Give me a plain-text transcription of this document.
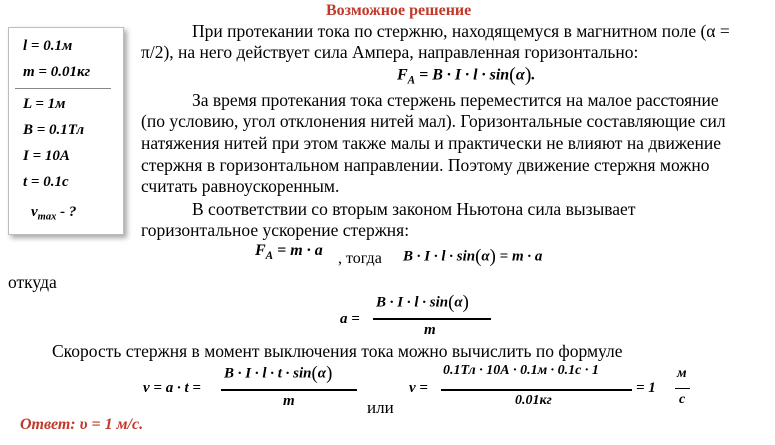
Возможное решение
l = 0.1м
m = 0.01кг
L = 1м
B = 0.1Тл
I = 10А
t = 0.1с
$v_{max}$ - ?
При протекании тока по стержню, находящемуся в магнитном поле (α =
π/2), на него действует сила Ампера, направленная горизонтально:
$F_A = B \cdot I \cdot l \cdot \sin(\alpha)$.
За время протекания тока стержень переместится на малое расстояние
(по условию, угол отклонения нитей мал). Горизонтальные составляющие сил
натяжения нитей при этом также малы и практически не влияют на движение
стержня в горизонтальном направлении. Поэтому движение стержня можно
считать равноускоренным.
В соответствии со вторым законом Ньютона сила вызывает
горизонтальное ускорение стержня:
$F_A = m \cdot a$ , тогда B · I · l · sin(α) = m · a
откуда
a =
B · I · l · sin(α)
m
Скорость стержня в момент выключения тока можно вычислить по формуле
v = a · t =
B · I · l · t · sin(α)
m	или
v =
0.1Тл · 10А · 0.1м · 0.1с · 1
0.01кг
= 1
м
с
Ответ: υ = 1 м/с.
